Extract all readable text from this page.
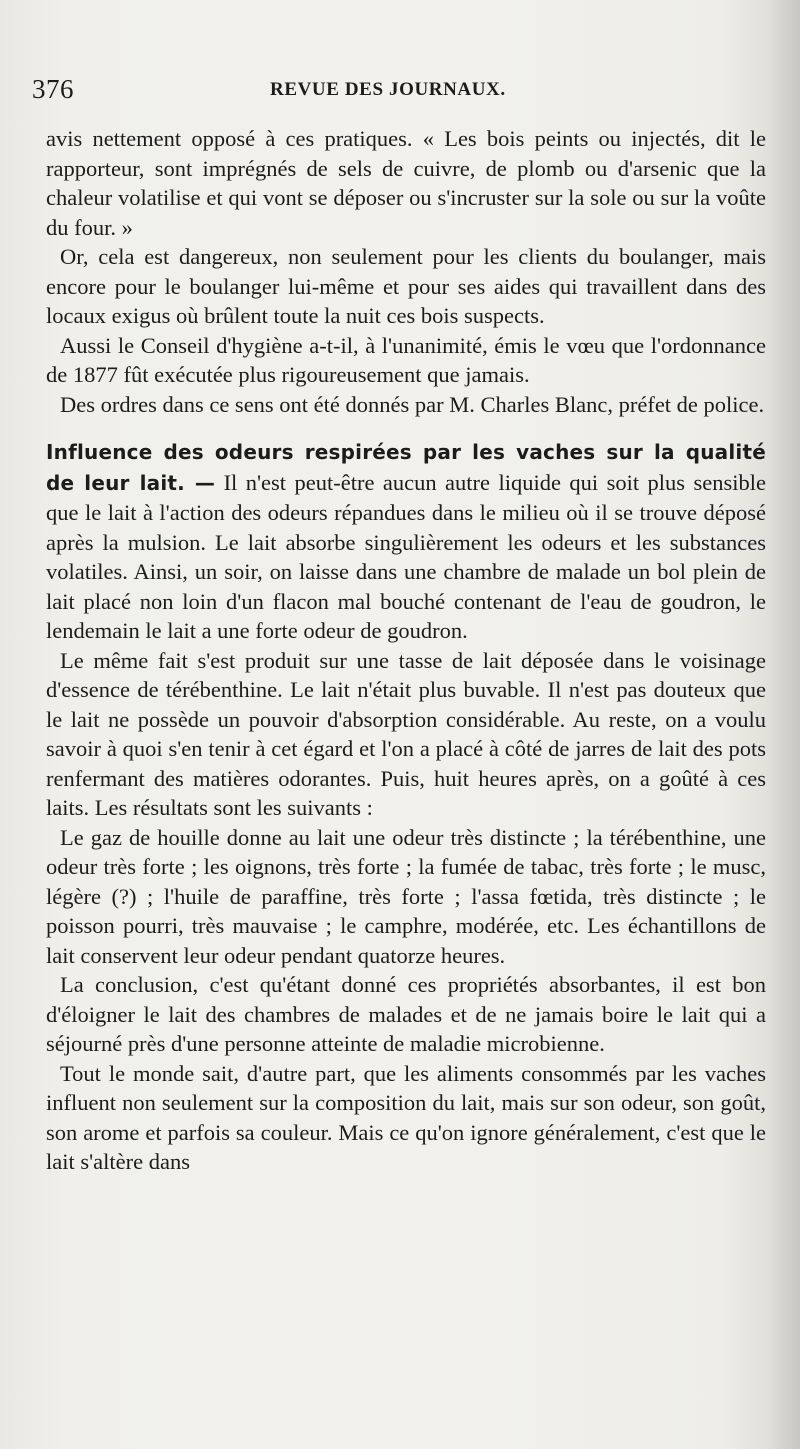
376	REVUE DES JOURNAUX.

avis nettement opposé à ces pratiques. « Les bois peints ou injectés, dit le rapporteur, sont imprégnés de sels de cuivre, de plomb ou d'arsenic que la chaleur volatilise et qui vont se déposer ou s'incruster sur la sole ou sur la voûte du four. »

Or, cela est dangereux, non seulement pour les clients du boulanger, mais encore pour le boulanger lui-même et pour ses aides qui travaillent dans des locaux exigus où brûlent toute la nuit ces bois suspects.

Aussi le Conseil d'hygiène a-t-il, à l'unanimité, émis le vœu que l'ordonnance de 1877 fût exécutée plus rigoureusement que jamais.

Des ordres dans ce sens ont été donnés par M. Charles Blanc, préfet de police.

Influence des odeurs respirées par les vaches sur la qualité de leur lait. — Il n'est peut-être aucun autre liquide qui soit plus sensible que le lait à l'action des odeurs répandues dans le milieu où il se trouve déposé après la mulsion. Le lait absorbe singulièrement les odeurs et les substances volatiles. Ainsi, un soir, on laisse dans une chambre de malade un bol plein de lait placé non loin d'un flacon mal bouché contenant de l'eau de goudron, le lendemain le lait a une forte odeur de goudron.

Le même fait s'est produit sur une tasse de lait déposée dans le voisinage d'essence de térébenthine. Le lait n'était plus buvable. Il n'est pas douteux que le lait ne possède un pouvoir d'absorption considérable. Au reste, on a voulu savoir à quoi s'en tenir à cet égard et l'on a placé à côté de jarres de lait des pots renfermant des matières odorantes. Puis, huit heures après, on a goûté à ces laits. Les résultats sont les suivants :

Le gaz de houille donne au lait une odeur très distincte ; la térébenthine, une odeur très forte ; les oignons, très forte ; la fumée de tabac, très forte ; le musc, légère (?) ; l'huile de paraffine, très forte ; l'assa fœtida, très distincte ; le poisson pourri, très mauvaise ; le camphre, modérée, etc. Les échantillons de lait conservent leur odeur pendant quatorze heures.

La conclusion, c'est qu'étant donné ces propriétés absorbantes, il est bon d'éloigner le lait des chambres de malades et de ne jamais boire le lait qui a séjourné près d'une personne atteinte de maladie microbienne.

Tout le monde sait, d'autre part, que les aliments consommés par les vaches influent non seulement sur la composition du lait, mais sur son odeur, son goût, son arome et parfois sa couleur. Mais ce qu'on ignore généralement, c'est que le lait s'altère dans
